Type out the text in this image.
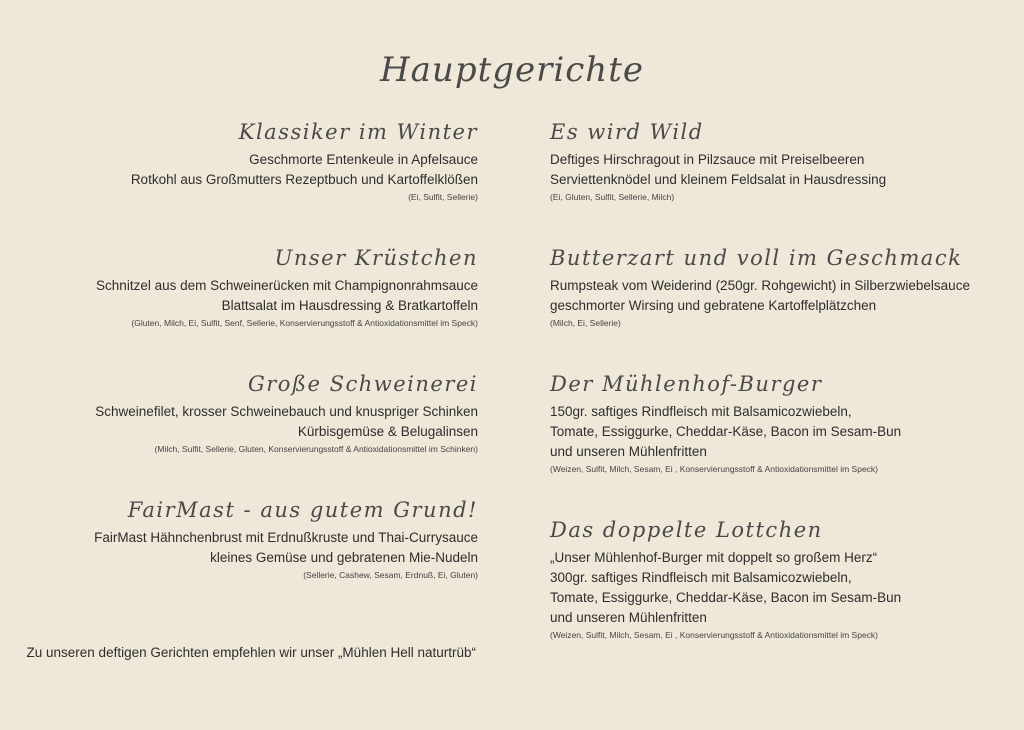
Hauptgerichte
Klassiker im Winter
Geschmorte Entenkeule in Apfelsauce
Rotkohl aus Großmutters Rezeptbuch und Kartoffelklößen
(Ei, Sulfit, Sellerie)
Unser Krüstchen
Schnitzel aus dem Schweinerücken mit Champignonrahmsauce
Blattsalat im Hausdressing & Bratkartoffeln
(Gluten, Milch, Ei, Sulfit, Senf, Sellerie, Konservierungsstoff & Antioxidationsmittel im Speck)
Große Schweinerei
Schweinefilet, krosser Schweinebauch und knuspriger Schinken
Kürbisgemüse & Belugalinsen
(Milch, Sulfit, Sellerie, Gluten, Konservierungsstoff & Antioxidationsmittel im Schinken)
FairMast - aus gutem Grund!
FairMast Hähnchenbrust mit Erdnußkruste und Thai-Currysauce
kleines Gemüse und gebratenen Mie-Nudeln
(Sellerie, Cashew, Sesam, Erdnuß, Ei, Gluten)
Es wird Wild
Deftiges Hirschragout in Pilzsauce mit Preiselbeeren
Serviettenknödel und kleinem Feldsalat in Hausdressing
(Ei, Gluten, Sulfit, Sellerie, Milch)
Butterzart und voll im Geschmack
Rumpsteak vom Weiderind (250gr. Rohgewicht) in Silberzwiebelsauce
geschmorter Wirsing und gebratene Kartoffelplätzchen
(Milch, Ei, Sellerie)
Der Mühlenhof-Burger
150gr. saftiges Rindfleisch mit Balsamicozwiebeln,
Tomate, Essiggurke, Cheddar-Käse, Bacon im Sesam-Bun
und unseren Mühlenfritten
(Weizen, Sulfit, Milch, Sesam, Ei , Konservierungsstoff & Antioxidationsmittel im Speck)
Das doppelte Lottchen
„Unser Mühlenhof-Burger mit doppelt so großem Herz“
300gr. saftiges Rindfleisch mit Balsamicozwiebeln,
Tomate, Essiggurke, Cheddar-Käse, Bacon im Sesam-Bun
und unseren Mühlenfritten
(Weizen, Sulfit, Milch, Sesam, Ei , Konservierungsstoff & Antioxidationsmittel im Speck)
Zu unseren deftigen Gerichten empfehlen wir unser „Mühlen Hell naturtrüb“
